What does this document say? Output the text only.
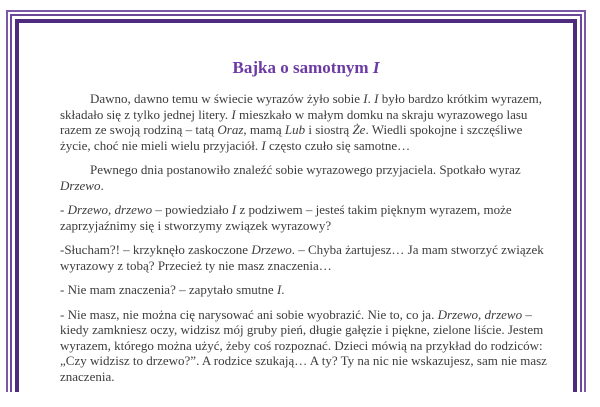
Bajka o samotnym I

Dawno, dawno temu w świecie wyrazów żyło sobie I. I było bardzo krótkim wyrazem, składało się z tylko jednej litery. I mieszkało w małym domku na skraju wyrazowego lasu razem ze swoją rodziną – tatą Oraz, mamą Lub i siostrą Że. Wiedli spokojne i szczęśliwe życie, choć nie mieli wielu przyjaciół. I często czuło się samotne…

Pewnego dnia postanowiło znaleźć sobie wyrazowego przyjaciela. Spotkało wyraz Drzewo.

- Drzewo, drzewo – powiedziało I z podziwem – jesteś takim pięknym wyrazem, może zaprzyjaźnimy się i stworzymy związek wyrazowy?

-Słucham?! – krzyknęło zaskoczone Drzewo. – Chyba żartujesz… Ja mam stworzyć związek wyrazowy z tobą? Przecież ty nie masz znaczenia…

- Nie mam znaczenia? – zapytało smutne I.

- Nie masz, nie można cię narysować ani sobie wyobrazić. Nie to, co ja. Drzewo, drzewo – kiedy zamkniesz oczy, widzisz mój gruby pień, długie gałęzie i piękne, zielone liście. Jestem wyrazem, którego można użyć, żeby coś rozpoznać. Dzieci mówią na przykład do rodziców: „Czy widzisz to drzewo?”. A rodzice szukają… A ty? Ty na nic nie wskazujesz, sam nie masz znaczenia.
